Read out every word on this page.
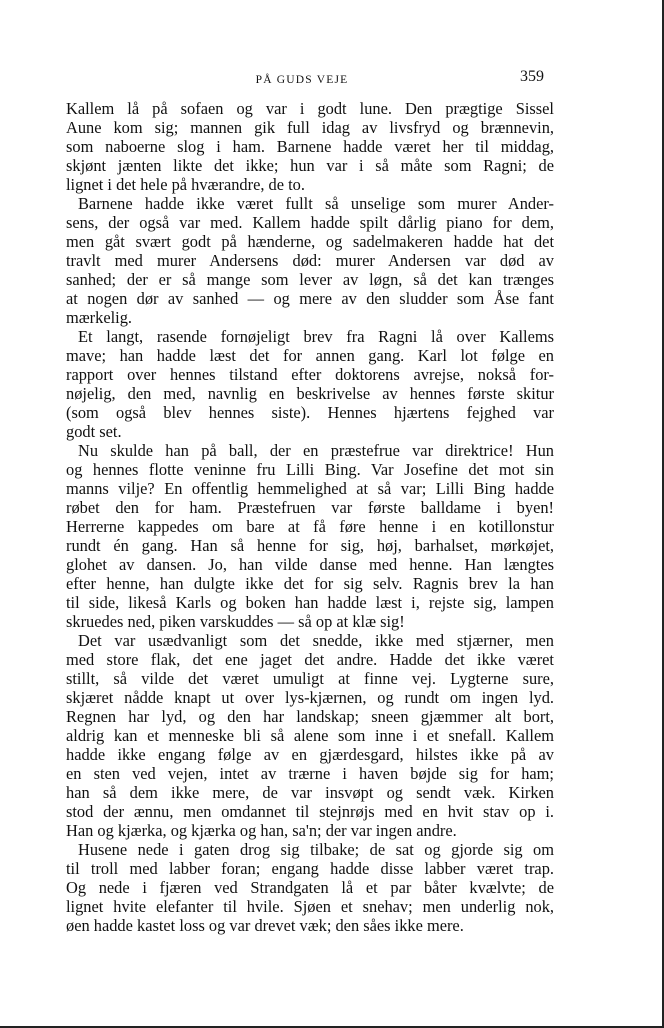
PÅ GUDS VEJE	359
Kallem lå på sofaen og var i godt lune. Den prægtige Sissel
Aune kom sig; mannen gik full idag av livsfryd og brænnevin,
som naboerne slog i ham. Barnene hadde været her til middag,
skjønt jænten likte det ikke; hun var i så måte som Ragni; de
lignet i det hele på hværandre, de to.
Barnene hadde ikke været fullt så unselige som murer Ander-
sens, der også var med. Kallem hadde spilt dårlig piano for dem,
men gåt svært godt på hænderne, og sadelmakeren hadde hat det
travlt med murer Andersens død: murer Andersen var død av
sanhed; der er så mange som lever av løgn, så det kan trænges
at nogen dør av sanhed — og mere av den sludder som Åse fant
mærkelig.
Et langt, rasende fornøjeligt brev fra Ragni lå over Kallems
mave; han hadde læst det for annen gang. Karl lot følge en
rapport over hennes tilstand efter doktorens avrejse, nokså for-
nøjelig, den med, navnlig en beskrivelse av hennes første skitur
(som også blev hennes siste). Hennes hjærtens fejghed var
godt set.
Nu skulde han på ball, der en præstefrue var direktrice! Hun
og hennes flotte veninne fru Lilli Bing. Var Josefine det mot sin
manns vilje? En offentlig hemmelighed at så var; Lilli Bing hadde
røbet den for ham. Præstefruen var første balldame i byen!
Herrerne kappedes om bare at få føre henne i en kotillonstur
rundt én gang. Han så henne for sig, høj, barhalset, mørkøjet,
glohet av dansen. Jo, han vilde danse med henne. Han længtes
efter henne, han dulgte ikke det for sig selv. Ragnis brev la han
til side, likeså Karls og boken han hadde læst i, rejste sig, lampen
skruedes ned, piken varskuddes — så op at klæ sig!
Det var usædvanligt som det snedde, ikke med stjærner, men
med store flak, det ene jaget det andre. Hadde det ikke været
stillt, så vilde det været umuligt at finne vej. Lygterne sure,
skjæret nådde knapt ut over lys-kjærnen, og rundt om ingen lyd.
Regnen har lyd, og den har landskap; sneen gjæmmer alt bort,
aldrig kan et menneske bli så alene som inne i et snefall. Kallem
hadde ikke engang følge av en gjærdesgard, hilstes ikke på av
en sten ved vejen, intet av trærne i haven bøjde sig for ham;
han så dem ikke mere, de var insvøpt og sendt væk. Kirken
stod der ænnu, men omdannet til stejnrøjs med en hvit stav op i.
Han og kjærka, og kjærka og han, sa'n; der var ingen andre.
Husene nede i gaten drog sig tilbake; de sat og gjorde sig om
til troll med labber foran; engang hadde disse labber været trap.
Og nede i fjæren ved Strandgaten lå et par båter kvælvte; de
lignet hvite elefanter til hvile. Sjøen et snehav; men underlig nok,
øen hadde kastet loss og var drevet væk; den såes ikke mere.
